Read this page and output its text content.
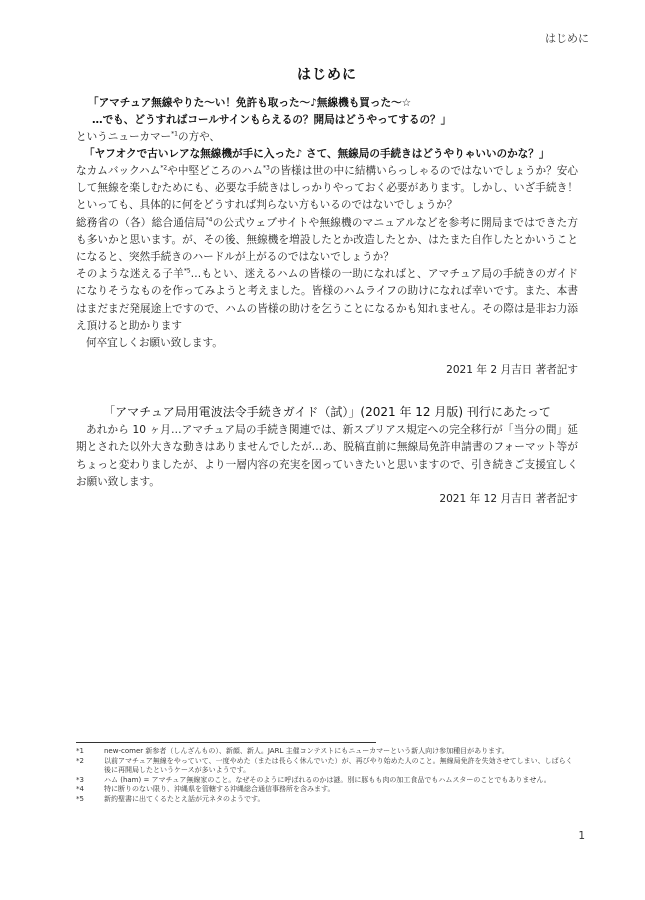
はじめに
はじめに
「アマチュア無線やりた〜い！免許も取った〜♪無線機も買った〜☆
…でも、どうすればコールサインもらえるの？開局はどうやってするの？」
というニューカマー$^{*1}$の方や、
「ヤフオクで古いレアな無線機が手に入った♪ さて、無線局の手続きはどうやりゃいいのかな？」

なカムバックハム$^{*2}$や中堅どころのハム$^{*3}$の皆様は世の中に結構いらっしゃるのではないでしょうか？安心して無線を楽しむためにも、必要な手続きはしっかりやっておく必要があります。しかし、いざ手続き！といっても、具体的に何をどうすれば判らない方もいるのではないでしょうか？

総務省の（各）総合通信局$^{*4}$の公式ウェブサイトや無線機のマニュアルなどを参考に開局まではできた方も多いかと思います。が、その後、無線機を増設したとか改造したとか、はたまた自作したとかいうことになると、突然手続きのハードルが上がるのではないでしょうか？

そのような迷える子羊$^{*5}$…もとい、迷えるハムの皆様の一助になればと、アマチュア局の手続きのガイドになりそうなものを作ってみようと考えました。皆様のハムライフの助けになれば幸いです。また、本書はまだまだ発展途上ですので、ハムの皆様の助けを乞うことになるかも知れません。その際は是非お力添え頂けると助かります

何卒宜しくお願い致します。

2021 年 2 月吉日 著者記す
「アマチュア局用電波法令手続きガイド（試）」(2021 年 12 月版) 刊行にあたって

あれから 10 ヶ月…アマチュア局の手続き関連では、新スプリアス規定への完全移行が「当分の間」延期とされた以外大きな動きはありませんでしたが…あ、脱稿直前に無線局免許申請書のフォーマット等がちょっと変わりましたが、より一層内容の充実を図っていきたいと思いますので、引き続きご支援宜しくお願い致します。

2021 年 12 月吉日 著者記す
*1	new-comer 新参者（しんざんもの）、新顔、新人。JARL 主催コンテストにもニューカマーという新人向け参加種目があります。
*2	以前アマチュア無線をやっていて、一度やめた（または長らく休んでいた）が、再びやり始めた人のこと。無線局免許を失効させてしまい、しばらく後に再開局したというケースが多いようです。
*3	ハム (ham) = アマチュア無線家のこと。なぜそのように呼ばれるのかは謎。別に豚もも肉の加工食品でもハムスターのことでもありません。
*4	特に断りのない限り、沖縄県を管轄する沖縄総合通信事務所を含みます。
*5	新約聖書に出てくるたとえ話が元ネタのようです。
1
